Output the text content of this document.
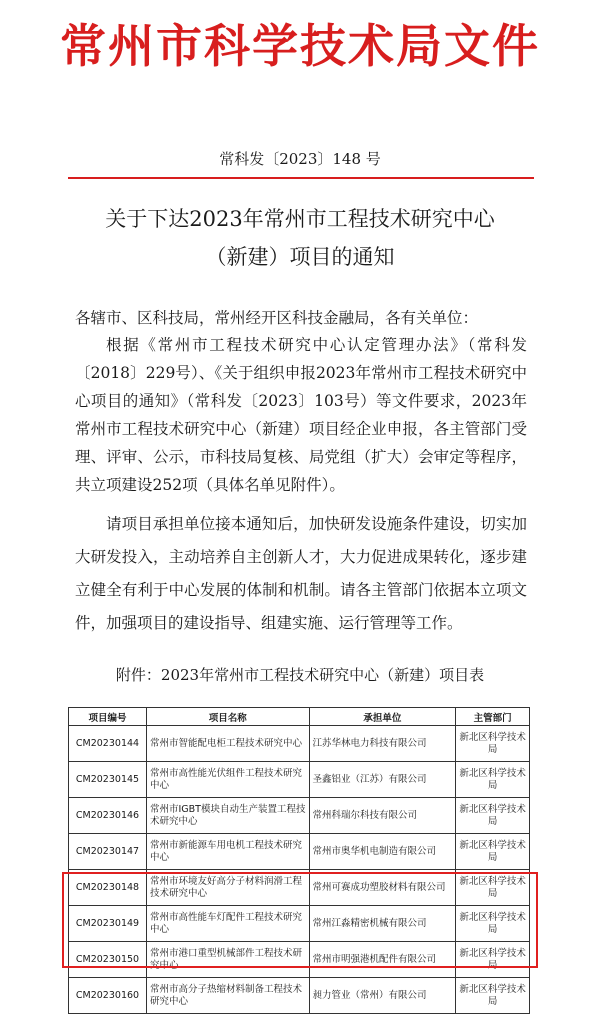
常州市科学技术局文件
常科发〔2023〕148 号
关于下达2023年常州市工程技术研究中心
（新建）项目的通知
各辖市、区科技局，常州经开区科技金融局，各有关单位：
根据《常州市工程技术研究中心认定管理办法》（常科发〔2018〕229号）、《关于组织申报2023年常州市工程技术研究中心项目的通知》（常科发〔2023〕103号）等文件要求，2023年常州市工程技术研究中心（新建）项目经企业申报，各主管部门受理、评审、公示，市科技局复核、局党组（扩大）会审定等程序，共立项建设252项（具体名单见附件）。
请项目承担单位接本通知后，加快研发设施条件建设，切实加大研发投入，主动培养自主创新人才，大力促进成果转化，逐步建立健全有利于中心发展的体制和机制。请各主管部门依据本立项文件，加强项目的建设指导、组建实施、运行管理等工作。
附件：2023年常州市工程技术研究中心（新建）项目表
项目编号	项目名称	承担单位	主管部门
CM20230144	常州市智能配电柜工程技术研究中心	江苏华林电力科技有限公司	新北区科学技术局
CM20230145	常州市高性能光伏组件工程技术研究中心	圣鑫铝业（江苏）有限公司	新北区科学技术局
CM20230146	常州市IGBT模块自动生产装置工程技术研究中心	常州科瑞尔科技有限公司	新北区科学技术局
CM20230147	常州市新能源车用电机工程技术研究中心	常州市奥华机电制造有限公司	新北区科学技术局
CM20230148	常州市环境友好高分子材料润滑工程技术研究中心	常州可赛成功塑胶材料有限公司	新北区科学技术局
CM20230149	常州市高性能车灯配件工程技术研究中心	常州江淼精密机械有限公司	新北区科学技术局
CM20230150	常州市港口重型机械部件工程技术研究中心	常州市明强港机配件有限公司	新北区科学技术局
CM20230160	常州市高分子热缩材料制备工程技术研究中心	昶力管业（常州）有限公司	新北区科学技术局
